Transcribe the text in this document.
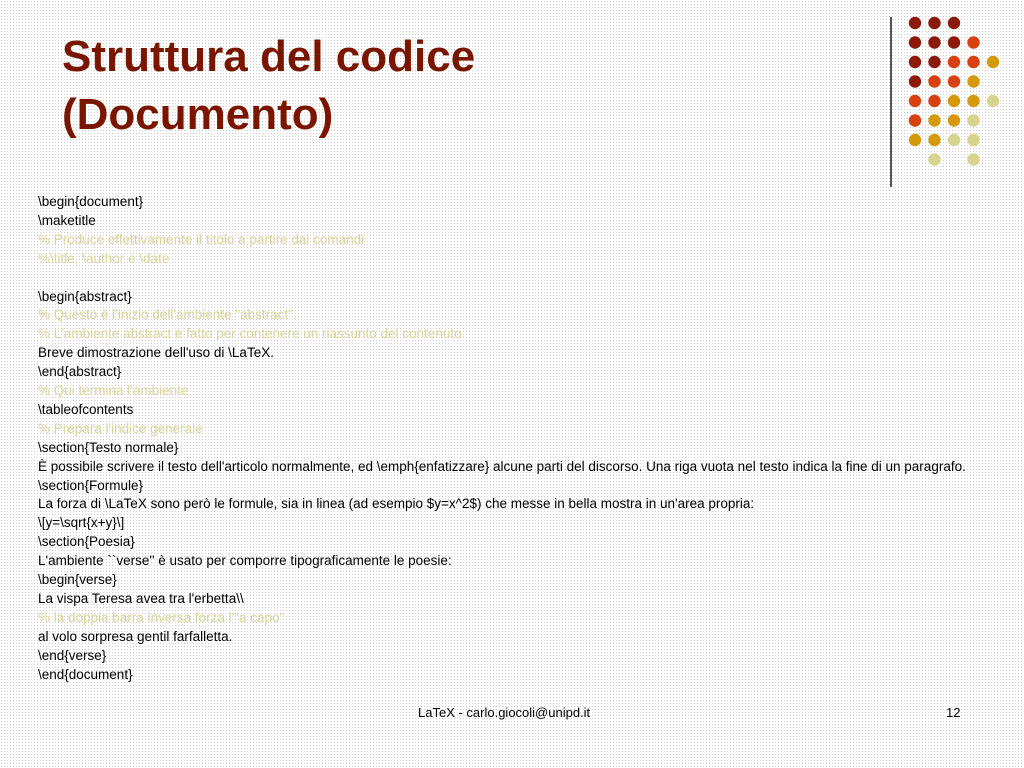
Struttura del codice
(Documento)
\begin{document}
\maketitle
% Produce effettivamente il titolo a partire dai comandi
%\title, \author e \date
\begin{abstract}
% Questo è l'inizio dell'ambiente "abstract".
% L'ambiente abstract è fatto per contenere un riassunto del contenuto.
Breve dimostrazione dell'uso di \LaTeX.
\end{abstract}
% Qui termina l'ambiente
\tableofcontents
% Prepara l'indice generale
\section{Testo normale}
È possibile scrivere il testo dell'articolo normalmente, ed \emph{enfatizzare} alcune parti del discorso. Una riga vuota nel testo indica la fine di un paragrafo.
\section{Formule}
La forza di \LaTeX sono però le formule, sia in linea (ad esempio $y=x^2$) che messe in bella mostra in un'area propria:
\[y=\sqrt{x+y}\]
\section{Poesia}
L'ambiente ``verse'' è usato per comporre tipograficamente le poesie:
\begin{verse}
La vispa Teresa avea tra l'erbetta\\
% la doppia barra inversa forza l'"a capo"
al volo sorpresa gentil farfalletta.
\end{verse}
\end{document}
LaTeX - carlo.giocoli@unipd.it	12
